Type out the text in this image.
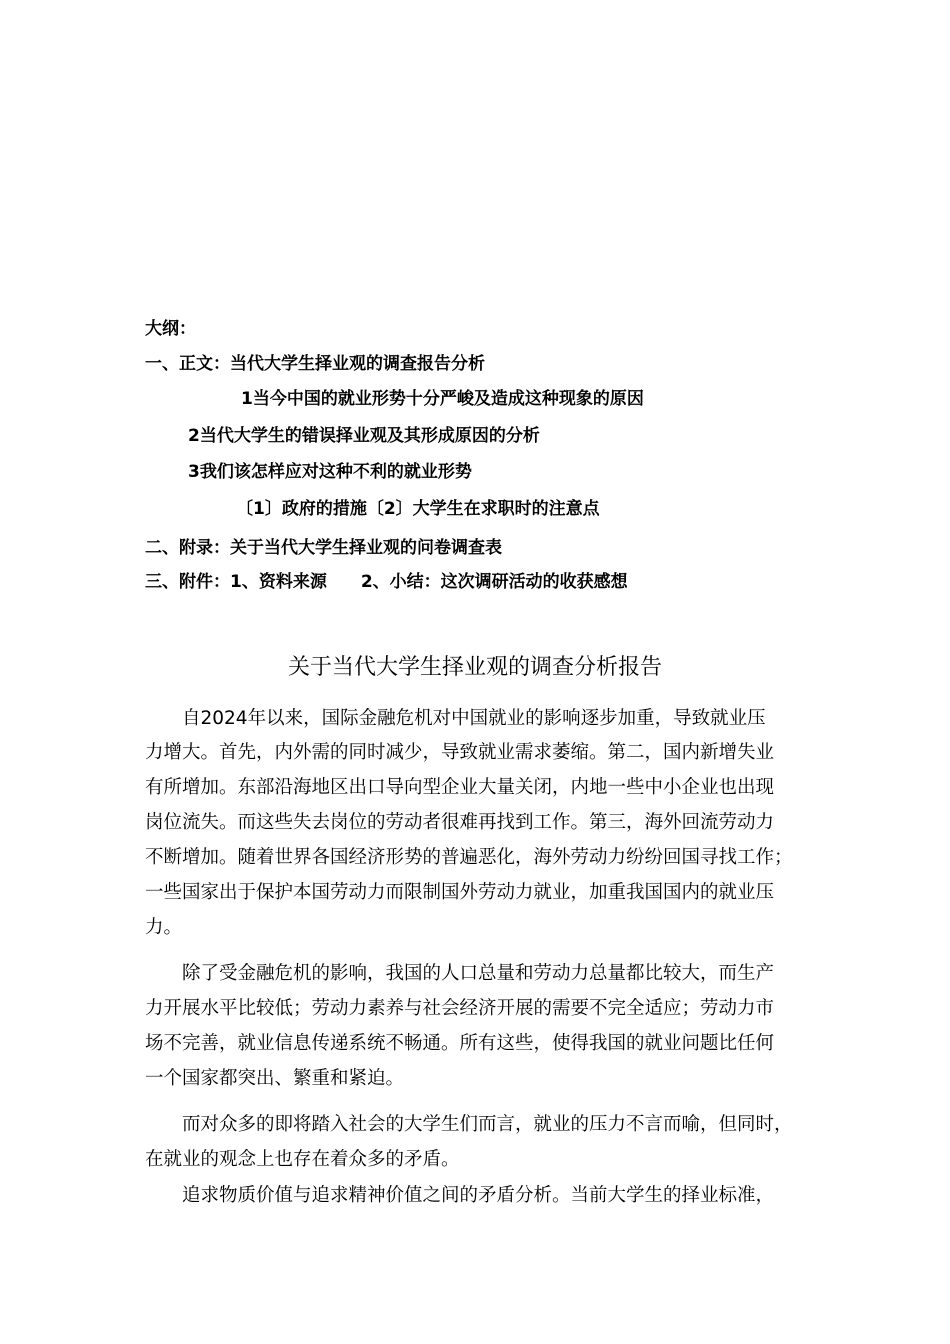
大纲：
一、正文：当代大学生择业观的调查报告分析
1当今中国的就业形势十分严峻及造成这种现象的原因
2当代大学生的错误择业观及其形成原因的分析
3我们该怎样应对这种不利的就业形势
〔1〕政府的措施〔2〕大学生在求职时的注意点
二、附录：关于当代大学生择业观的问卷调查表
三、附件：1、资料来源　　2、小结：这次调研活动的收获感想
关于当代大学生择业观的调查分析报告
　　自2024年以来，国际金融危机对中国就业的影响逐步加重，导致就业压
力增大。首先，内外需的同时减少，导致就业需求萎缩。第二，国内新增失业
有所增加。东部沿海地区出口导向型企业大量关闭，内地一些中小企业也出现
岗位流失。而这些失去岗位的劳动者很难再找到工作。第三，海外回流劳动力
不断增加。随着世界各国经济形势的普遍恶化，海外劳动力纷纷回国寻找工作；
一些国家出于保护本国劳动力而限制国外劳动力就业，加重我国国内的就业压
力。
　　除了受金融危机的影响，我国的人口总量和劳动力总量都比较大，而生产
力开展水平比较低；劳动力素养与社会经济开展的需要不完全适应；劳动力市
场不完善，就业信息传递系统不畅通。所有这些，使得我国的就业问题比任何
一个国家都突出、繁重和紧迫。
　　而对众多的即将踏入社会的大学生们而言，就业的压力不言而喻，但同时，
在就业的观念上也存在着众多的矛盾。
　　追求物质价值与追求精神价值之间的矛盾分析。当前大学生的择业标准，
